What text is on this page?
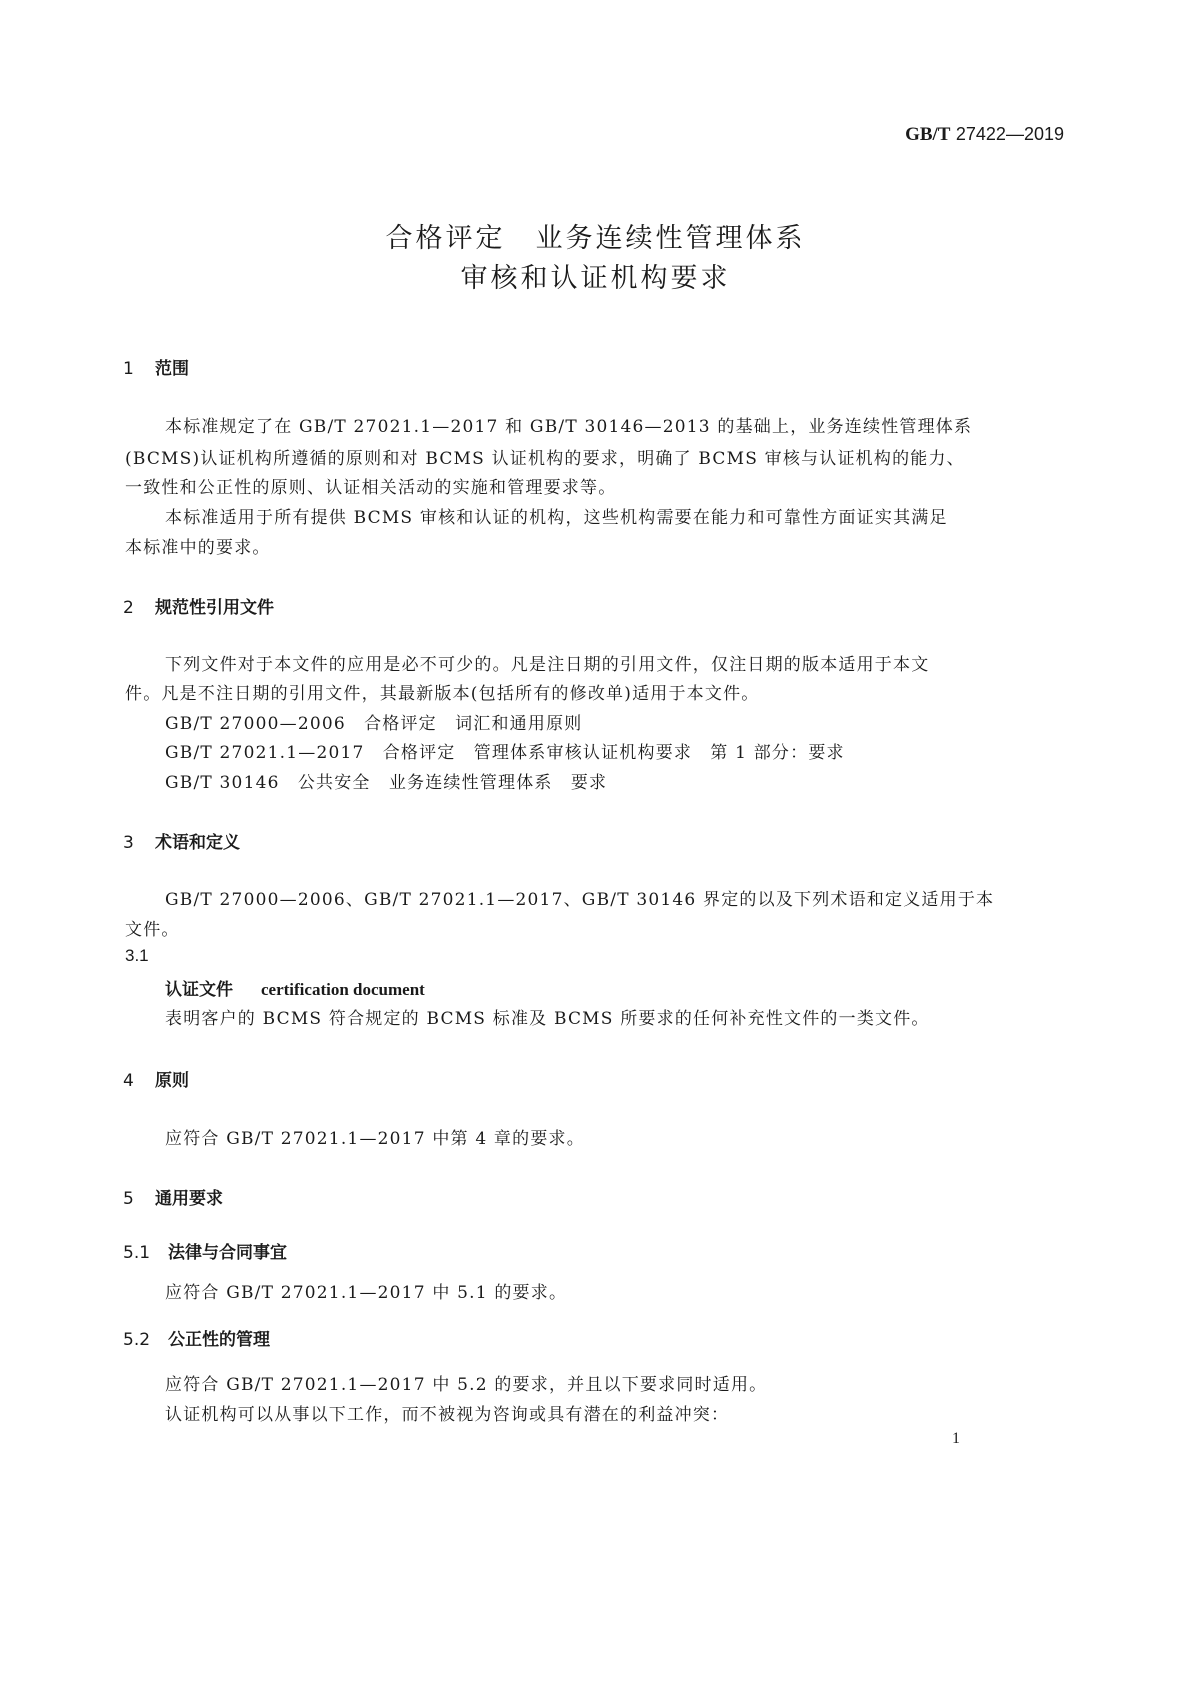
GB/T 27422—2019
合格评定　业务连续性管理体系
审核和认证机构要求
1 范围
本标准规定了在 GB/T 27021.1—2017 和 GB/T 30146—2013 的基础上，业务连续性管理体系
(BCMS)认证机构所遵循的原则和对 BCMS 认证机构的要求，明确了 BCMS 审核与认证机构的能力、
一致性和公正性的原则、认证相关活动的实施和管理要求等。
本标准适用于所有提供 BCMS 审核和认证的机构，这些机构需要在能力和可靠性方面证实其满足
本标准中的要求。
2 规范性引用文件
下列文件对于本文件的应用是必不可少的。凡是注日期的引用文件，仅注日期的版本适用于本文
件。凡是不注日期的引用文件，其最新版本(包括所有的修改单)适用于本文件。
GB/T 27000—2006　合格评定　词汇和通用原则
GB/T 27021.1—2017　合格评定　管理体系审核认证机构要求　第 1 部分：要求
GB/T 30146　公共安全　业务连续性管理体系　要求
3 术语和定义
GB/T 27000—2006、GB/T 27021.1—2017、GB/T 30146 界定的以及下列术语和定义适用于本
文件。
3.1
认证文件 certification document
表明客户的 BCMS 符合规定的 BCMS 标准及 BCMS 所要求的任何补充性文件的一类文件。
4 原则
应符合 GB/T 27021.1—2017 中第 4 章的要求。
5 通用要求
5.1 法律与合同事宜
应符合 GB/T 27021.1—2017 中 5.1 的要求。
5.2 公正性的管理
应符合 GB/T 27021.1—2017 中 5.2 的要求，并且以下要求同时适用。
认证机构可以从事以下工作，而不被视为咨询或具有潜在的利益冲突：
1
